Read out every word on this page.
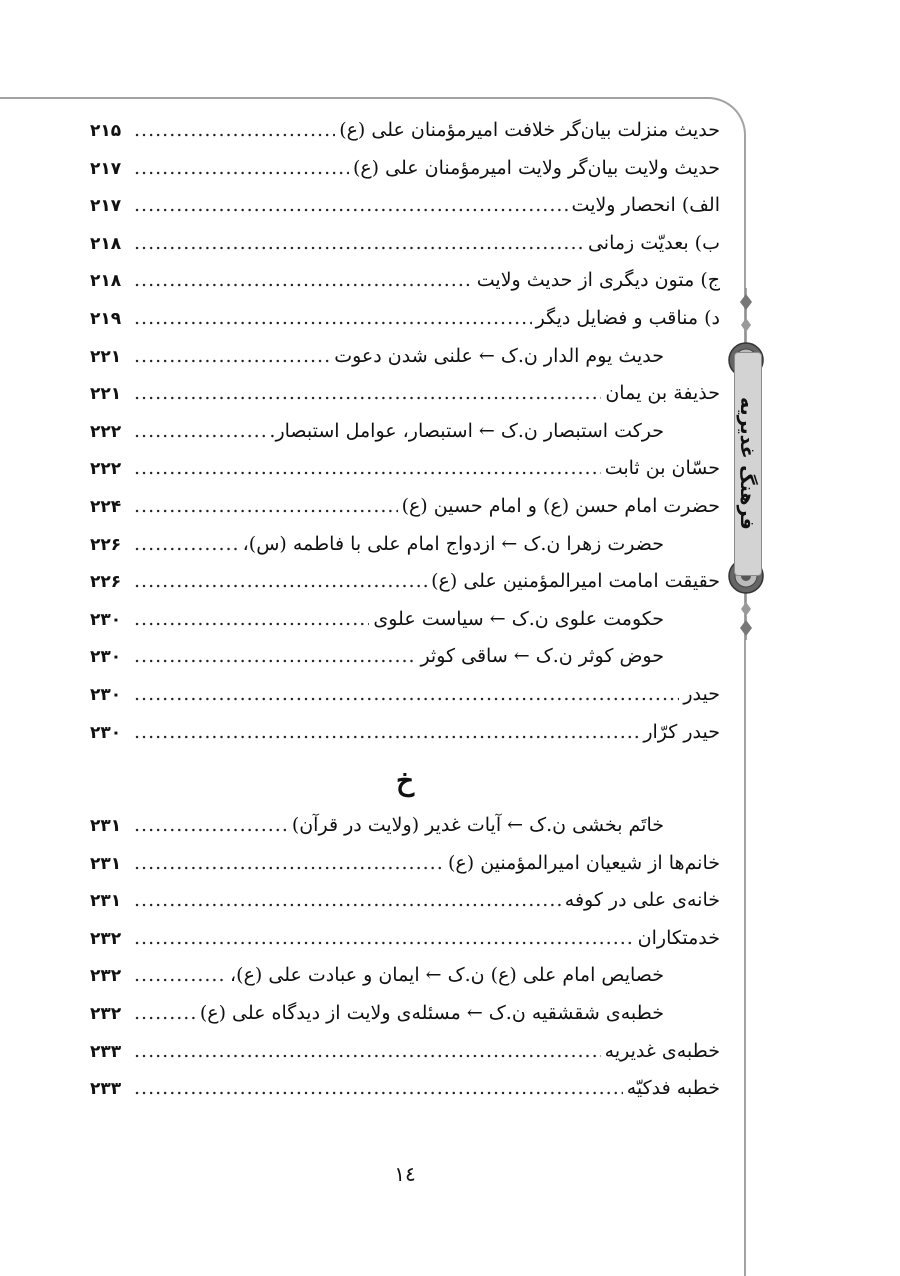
فرهنگ غدیریه
حدیث منزلت بیان‌گر خلافت امیرمؤمنان علی (ع)
.....
۲۱۵
حدیث ولایت بیان‌گر ولایت امیرمؤمنان علی (ع)
.....
۲۱۷
الف) انحصار ولایت
.....
۲۱۷
ب) بعدیّت زمانی
.....
۲۱۸
ج) متون دیگری از حدیث ولایت
.....
۲۱۸
د) مناقب و فضایل دیگر
.....
۲۱۹
حدیث یوم الدار ن.ک ← علنی شدن دعوت
.....
۲۲۱
حذیفة بن یمان
.....
۲۲۱
حرکت استبصار ن.ک ← استبصار، عوامل استبصار.
.....
۲۲۲
حسّان بن ثابت
.....
۲۲۲
حضرت امام حسن (ع) و امام حسین (ع)
.....
۲۲۴
حضرت زهرا ن.ک ← ازدواج امام علی با فاطمه (س)،
.....
۲۲۶
حقیقت امامت امیرالمؤمنین علی (ع)
.....
۲۲۶
حکومت علوی ن.ک ← سیاست علوی
.....
۲۳۰
حوض کوثر ن.ک ← ساقی کوثر
.....
۲۳۰
حیدر
.....
۲۳۰
حیدر کرّار
.....
۲۳۰
خ
خاتَم بخشی ن.ک ← آیات غدیر (ولایت در قرآن)
.....
۲۳۱
خانم‌ها از شیعیان امیرالمؤمنین (ع)
.....
۲۳۱
خانه‌ی علی در کوفه
.....
۲۳۱
خدمتکاران
.....
۲۳۲
خصایص امام علی (ع) ن.ک ← ایمان و عبادت علی (ع)،
.....
۲۳۲
خطبه‌ی شقشقیه ن.ک ← مسئله‌ی ولایت از دیدگاه علی (ع)
.....
۲۳۲
خطبه‌ی غدیریه
.....
۲۳۳
خطبه فدکیّه
.....
۲۳۳
۱٤
